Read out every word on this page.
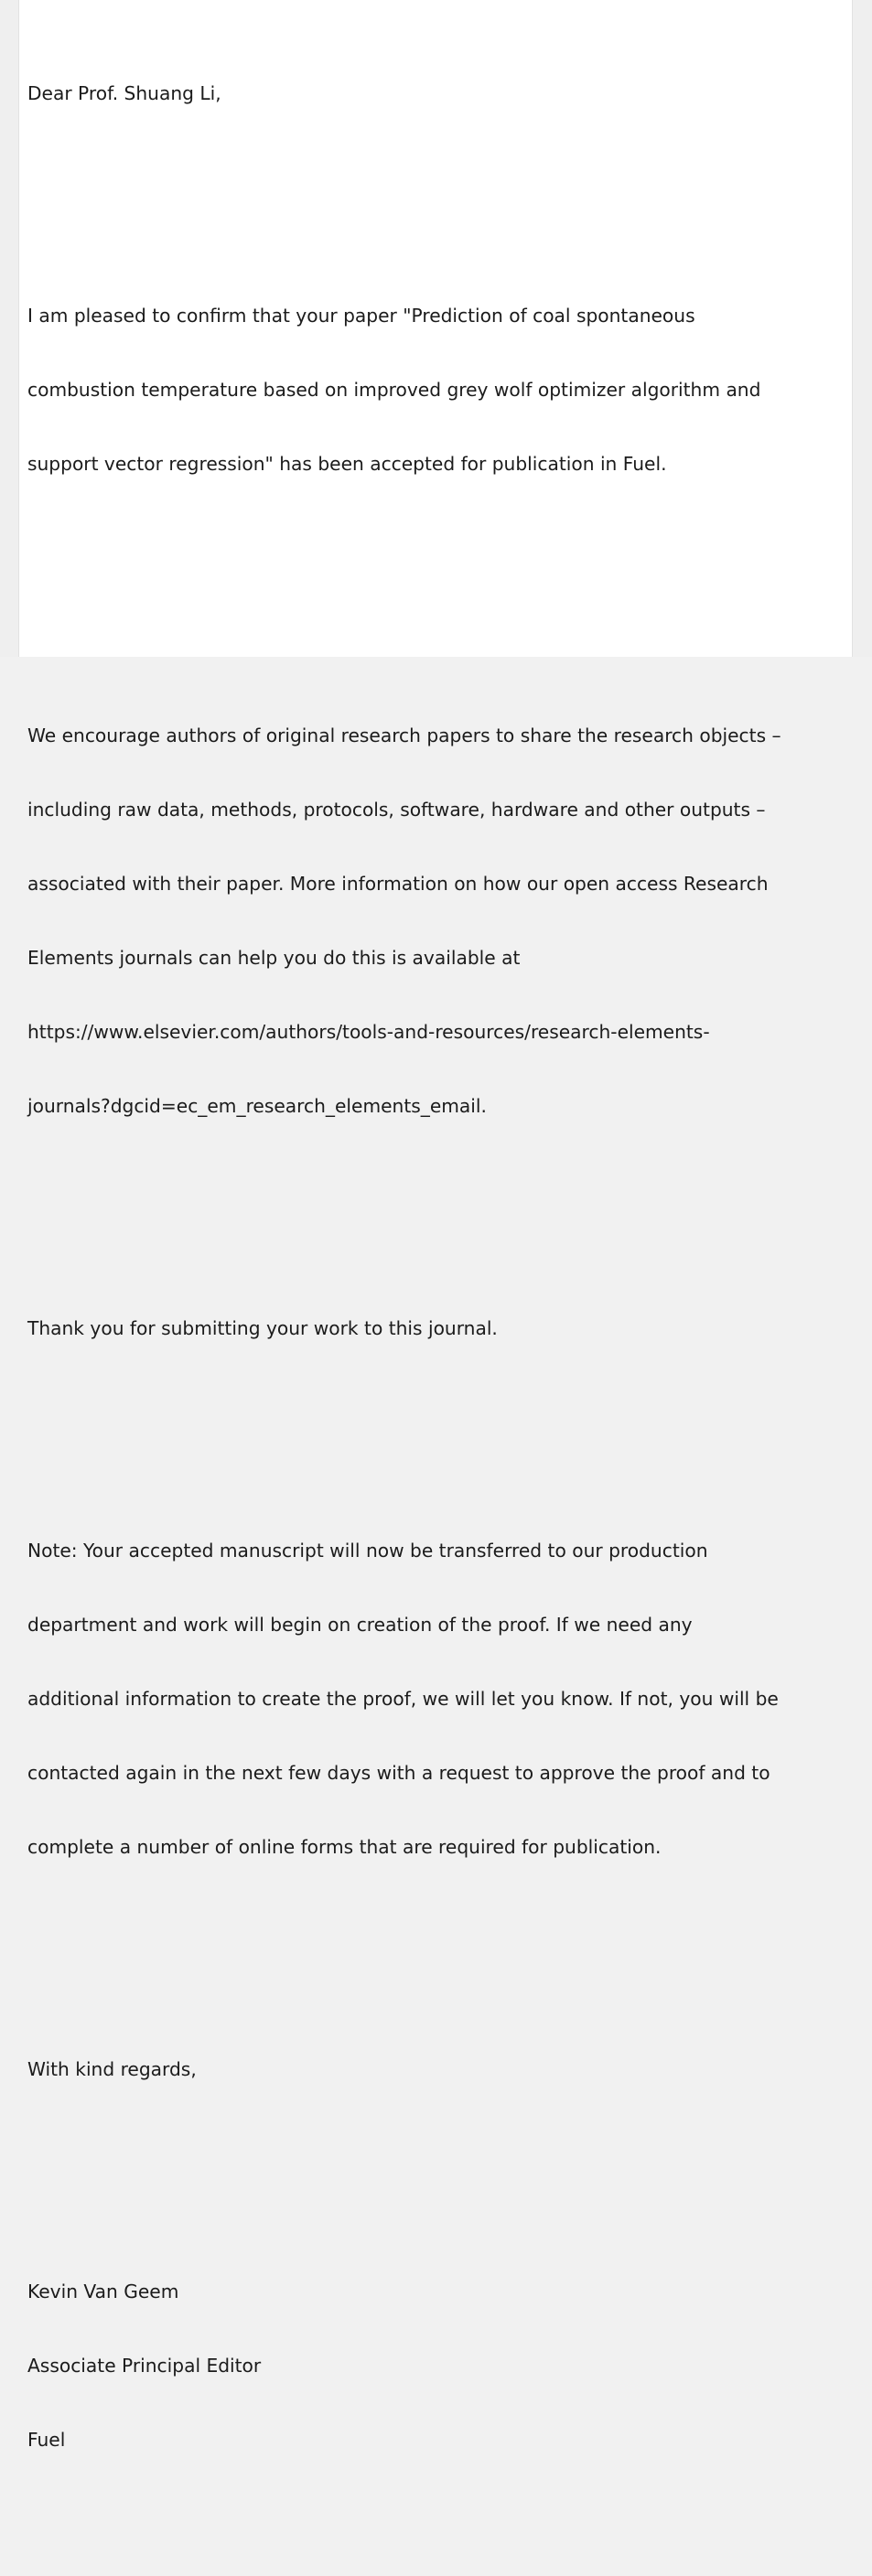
Dear Prof. Shuang Li,

I am pleased to confirm that your paper "Prediction of coal spontaneous

combustion temperature based on improved grey wolf optimizer algorithm and

support vector regression" has been accepted for publication in Fuel.

We encourage authors of original research papers to share the research objects –

including raw data, methods, protocols, software, hardware and other outputs –

associated with their paper. More information on how our open access Research

Elements journals can help you do this is available at

https://www.elsevier.com/authors/tools-and-resources/research-elements-

journals?dgcid=ec_em_research_elements_email.

Thank you for submitting your work to this journal.

Note: Your accepted manuscript will now be transferred to our production

department and work will begin on creation of the proof. If we need any

additional information to create the proof, we will let you know. If not, you will be

contacted again in the next few days with a request to approve the proof and to

complete a number of online forms that are required for publication.

With kind regards,

Kevin Van Geem

Associate Principal Editor

Fuel
